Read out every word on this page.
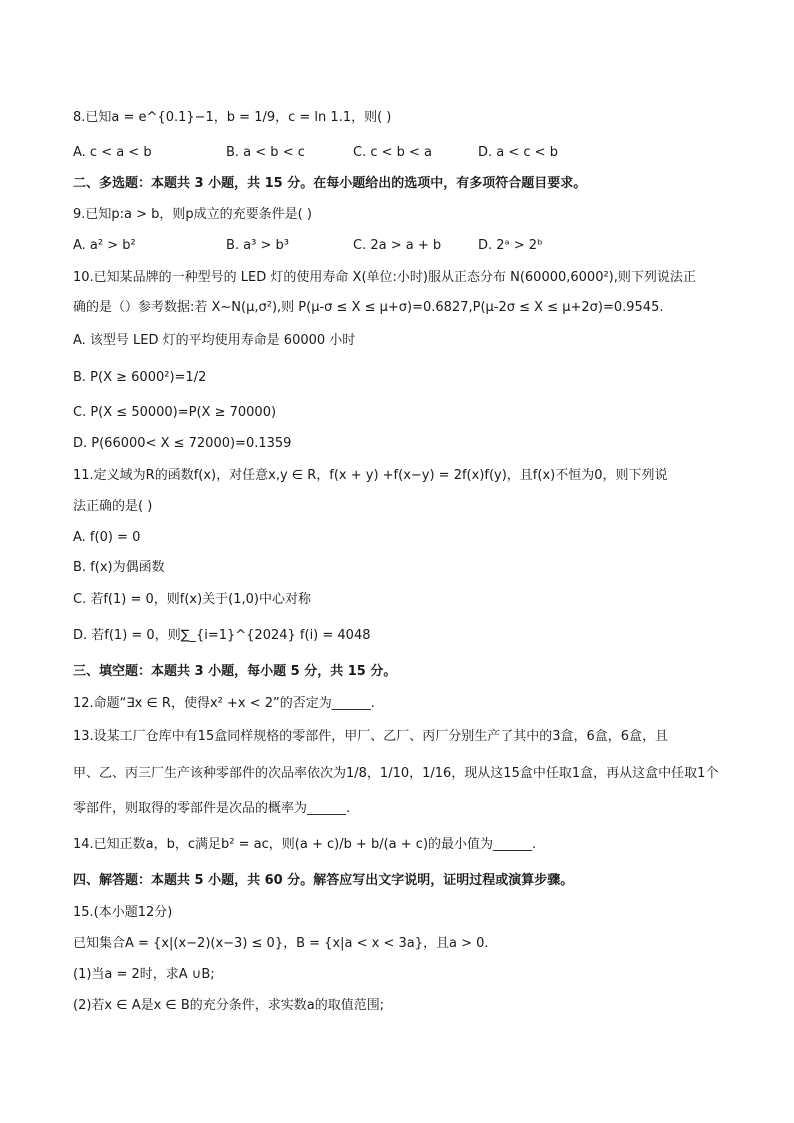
8.已知a = e^{0.1}−1，b = 1/9，c = ln 1.1，则( )
A. c < a < b	B. a < b < c	C. c < b < a	D. a < c < b
二、多选题：本题共 3 小题，共 15 分。在每小题给出的选项中，有多项符合题目要求。
9.已知p:a > b，则p成立的充要条件是( )
A. a² > b²	B. a³ > b³	C. 2a > a + b	D. 2ᵃ > 2ᵇ
10.已知某品牌的一种型号的 LED 灯的使用寿命 X(单位:小时)服从正态分布 N(60000,6000²),则下列说法正
确的是（）参考数据:若 X~N(μ,σ²),则 P(μ-σ ≤ X ≤ μ+σ)=0.6827,P(μ-2σ ≤ X ≤ μ+2σ)=0.9545.
A. 该型号 LED 灯的平均使用寿命是 60000 小时
B. P(X ≥ 6000²)=1/2
C. P(X ≤ 50000)=P(X ≥ 70000)
D. P(66000< X ≤ 72000)=0.1359
11.定义域为R的函数f(x)，对任意x,y ∈ R，f(x + y) +f(x−y) = 2f(x)f(y)，且f(x)不恒为0，则下列说
法正确的是( )
A. f(0) = 0
B. f(x)为偶函数
C. 若f(1) = 0，则f(x)关于(1,0)中心对称
D. 若f(1) = 0，则∑_{i=1}^{2024} f(i) = 4048
三、填空题：本题共 3 小题，每小题 5 分，共 15 分。
12.命题“∃x ∈ R，使得x² +x < 2”的否定为______.
13.设某工厂仓库中有15盒同样规格的零部件，甲厂、乙厂、丙厂分别生产了其中的3盒，6盒，6盒，且
甲、乙、丙三厂生产该种零部件的次品率依次为1/8，1/10，1/16，现从这15盒中任取1盒，再从这盒中任取1个
零部件，则取得的零部件是次品的概率为______.
14.已知正数a，b，c满足b² = ac，则(a + c)/b + b/(a + c)的最小值为______.
四、解答题：本题共 5 小题，共 60 分。解答应写出文字说明，证明过程或演算步骤。
15.(本小题12分)
已知集合A = {x|(x−2)(x−3) ≤ 0}，B = {x|a < x < 3a}，且a > 0.
(1)当a = 2时，求A ∪B;
(2)若x ∈ A是x ∈ B的充分条件，求实数a的取值范围;
